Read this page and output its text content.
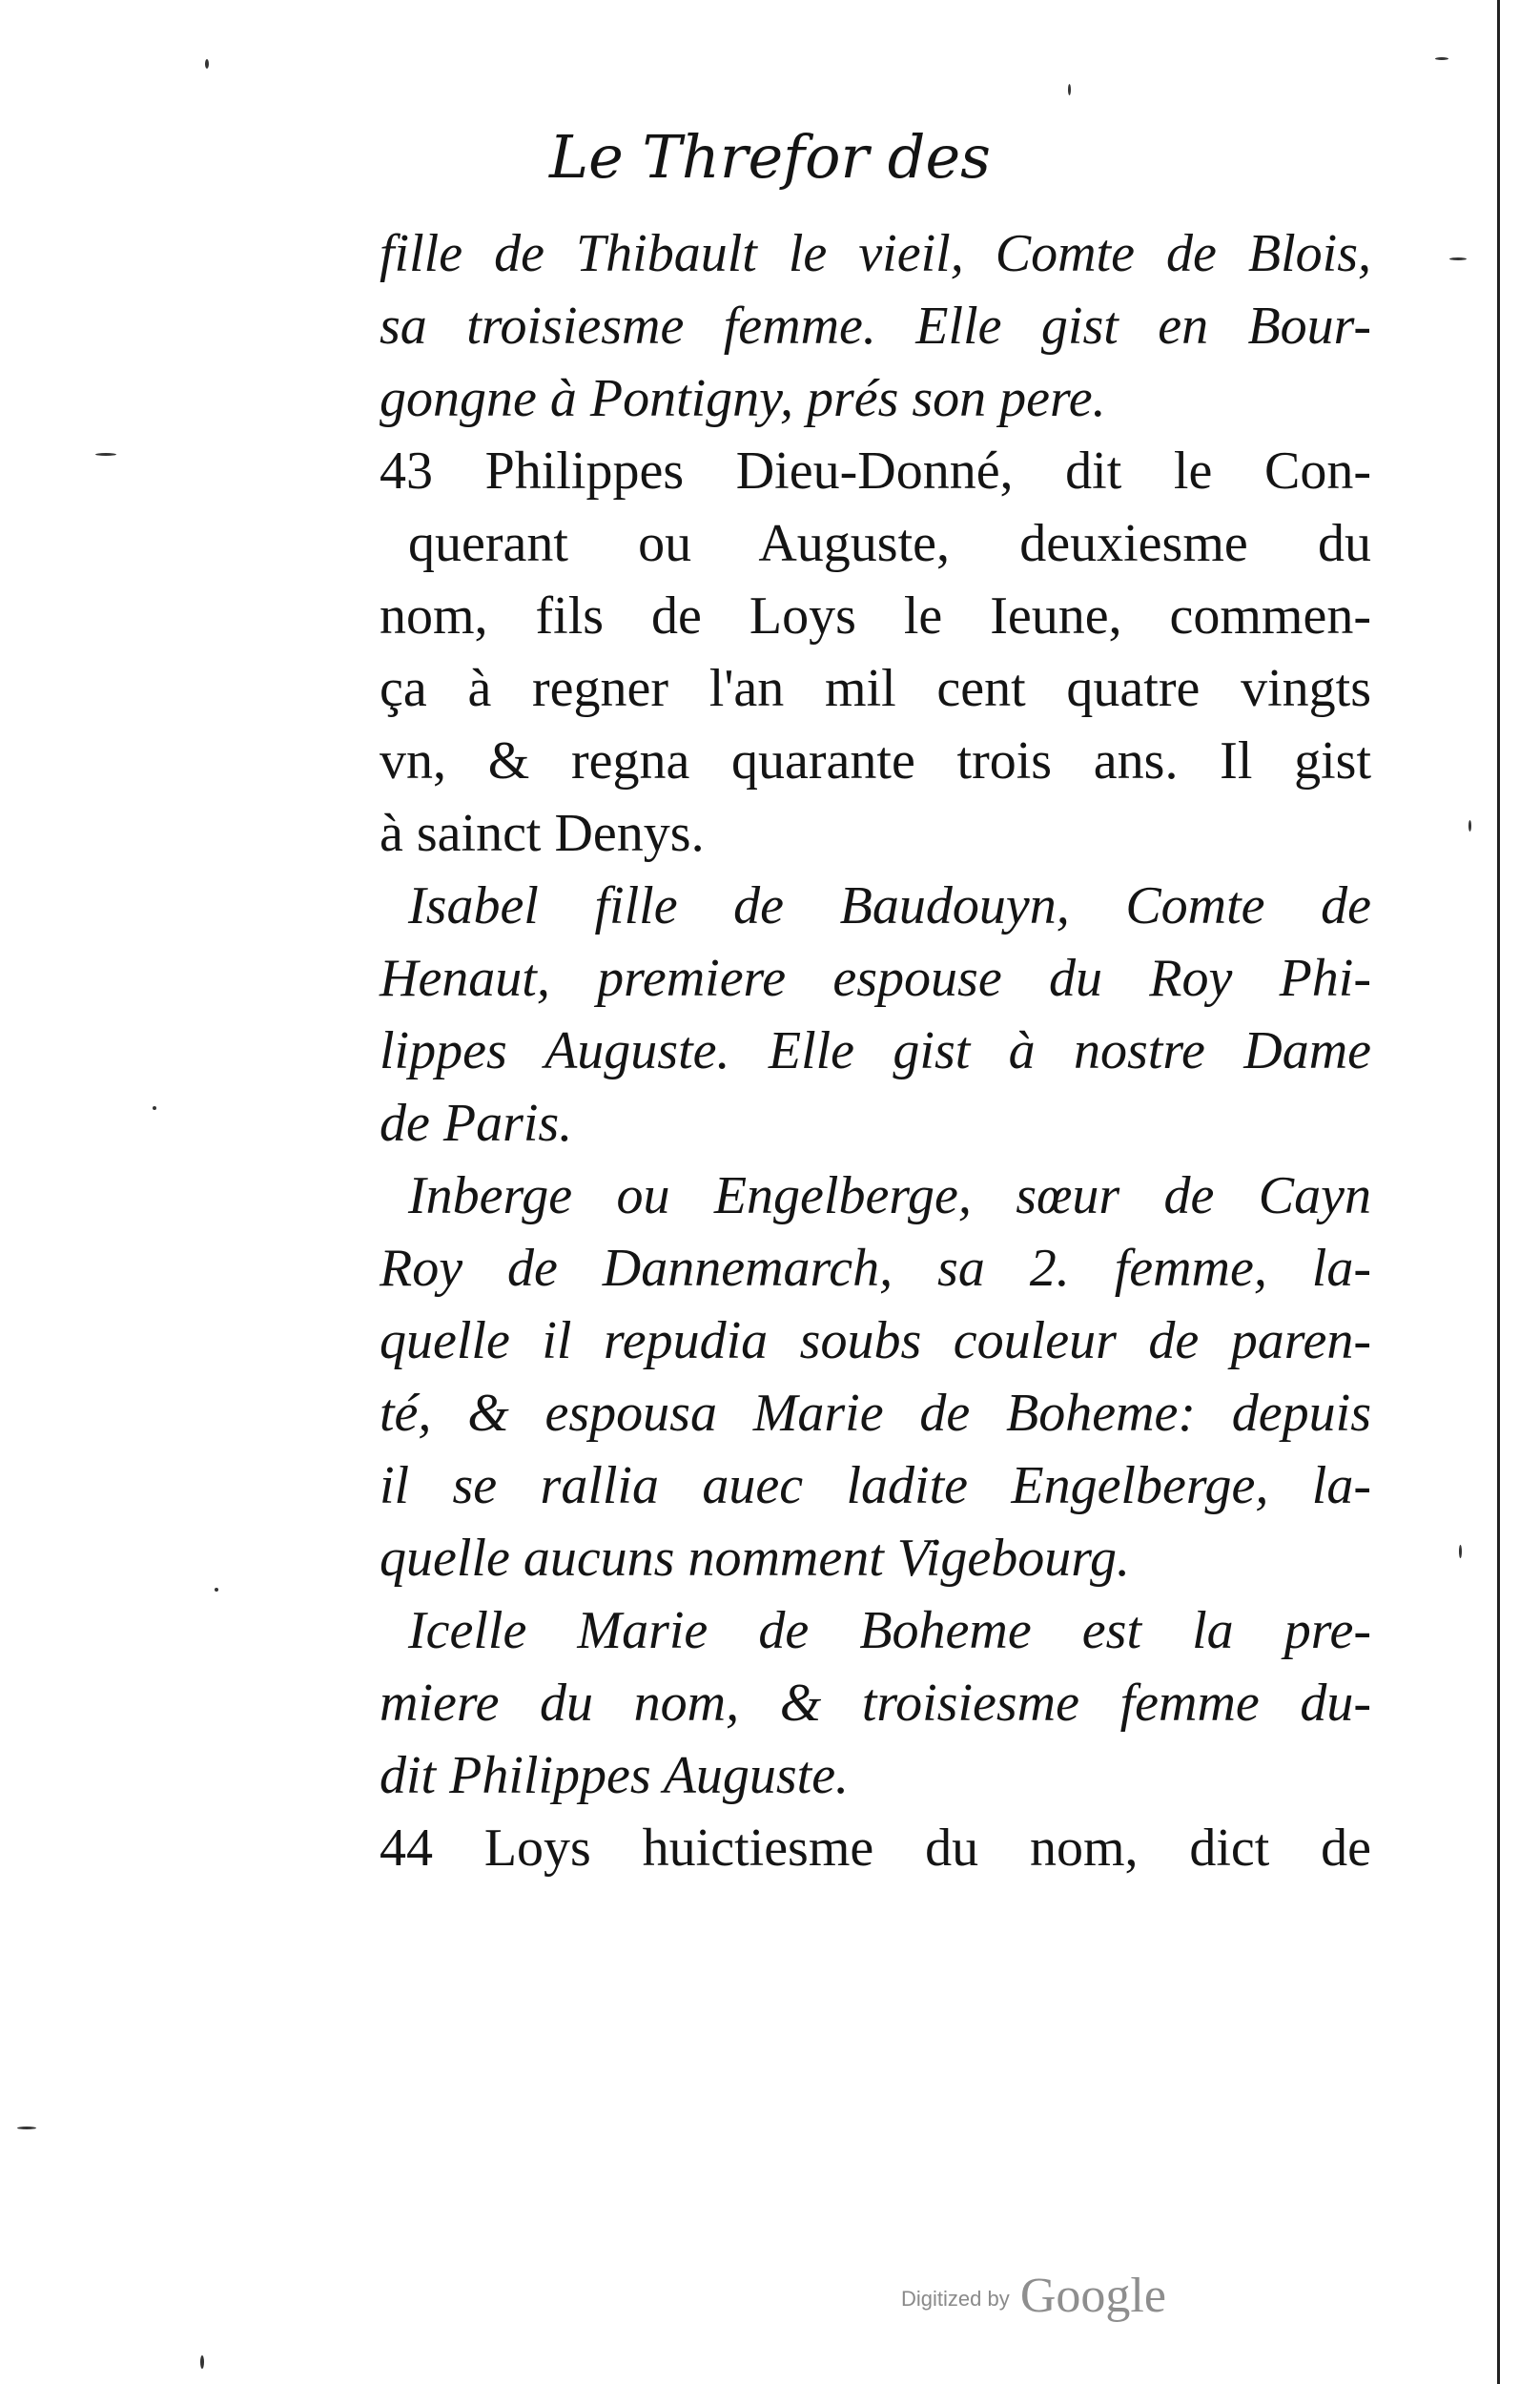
Le Threfor des
fille de Thibault le vieil, Comte de Blois,
sa troisiesme femme. Elle gist en Bour-
gongne à Pontigny, prés son pere.
43 Philippes Dieu-Donné, dit le Con-
querant ou Auguste, deuxiesme du
nom, fils de Loys le Ieune, commen-
ça à regner l'an mil cent quatre vingts
vn, & regna quarante trois ans. Il gist
à sainct Denys.
Isabel fille de Baudouyn, Comte de
Henaut, premiere espouse du Roy Phi-
lippes Auguste. Elle gist à nostre Dame
de Paris.
Inberge ou Engelberge, sœur de Cayn
Roy de Dannemarch, sa 2. femme, la-
quelle il repudia soubs couleur de paren-
té, & espousa Marie de Boheme: depuis
il se rallia auec ladite Engelberge, la-
quelle aucuns nomment Vigebourg.
Icelle Marie de Boheme est la pre-
miere du nom, & troisiesme femme du-
dit Philippes Auguste.
44 Loys huictiesme du nom, dict de
Digitized by Google
